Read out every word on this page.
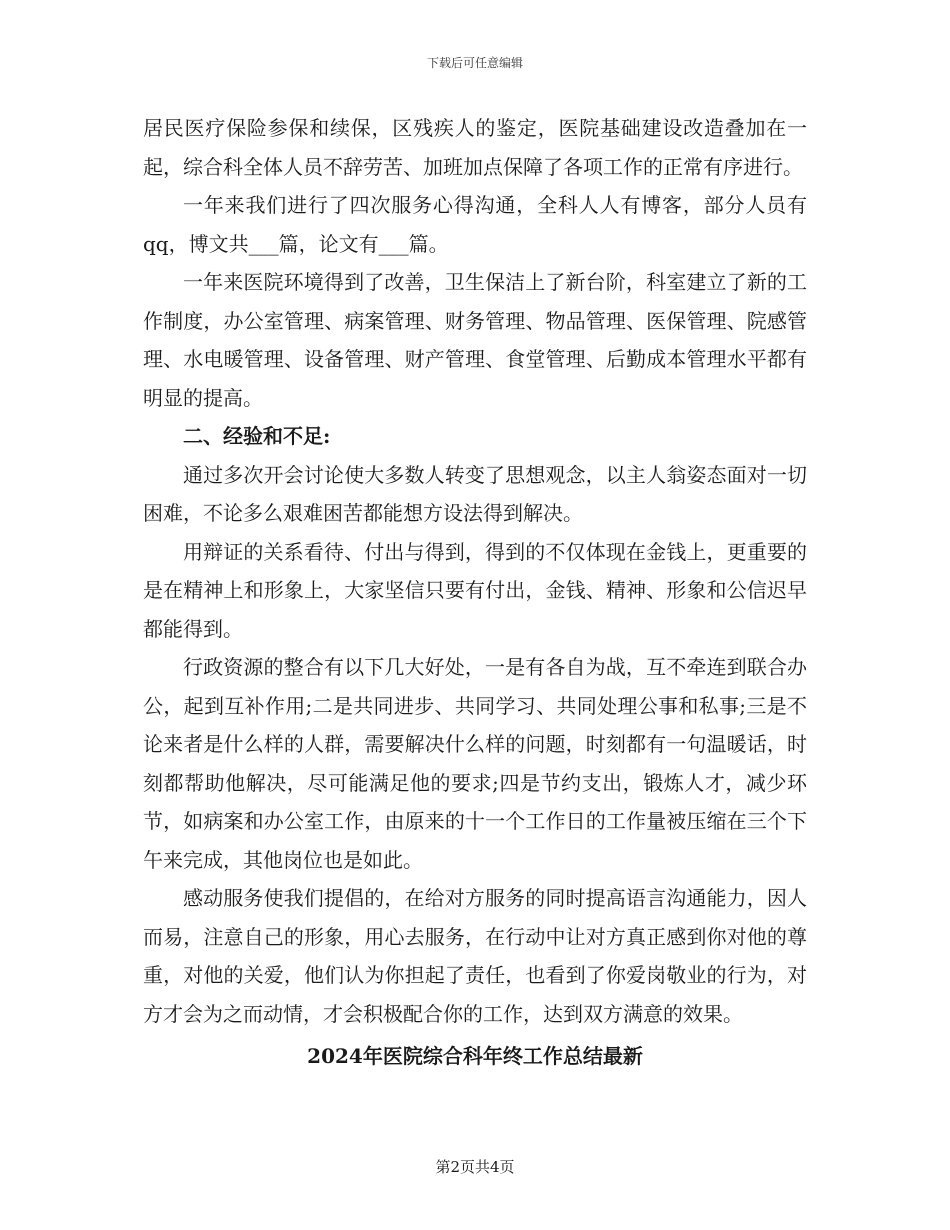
下载后可任意编辑

居民医疗保险参保和续保，区残疾人的鉴定，医院基础建设改造叠加在一起，综合科全体人员不辞劳苦、加班加点保障了各项工作的正常有序进行。

一年来我们进行了四次服务心得沟通，全科人人有博客，部分人员有qq，博文共___篇，论文有___篇。

一年来医院环境得到了改善，卫生保洁上了新台阶，科室建立了新的工作制度，办公室管理、病案管理、财务管理、物品管理、医保管理、院感管理、水电暖管理、设备管理、财产管理、食堂管理、后勤成本管理水平都有明显的提高。

二、经验和不足:

通过多次开会讨论使大多数人转变了思想观念，以主人翁姿态面对一切困难，不论多么艰难困苦都能想方设法得到解决。

用辩证的关系看待、付出与得到，得到的不仅体现在金钱上，更重要的是在精神上和形象上，大家坚信只要有付出，金钱、精神、形象和公信迟早都能得到。

行政资源的整合有以下几大好处，一是有各自为战，互不牵连到联合办公，起到互补作用;二是共同进步、共同学习、共同处理公事和私事;三是不论来者是什么样的人群，需要解决什么样的问题，时刻都有一句温暖话，时刻都帮助他解决，尽可能满足他的要求;四是节约支出，锻炼人才，减少环节，如病案和办公室工作，由原来的十一个工作日的工作量被压缩在三个下午来完成，其他岗位也是如此。

感动服务使我们提倡的，在给对方服务的同时提高语言沟通能力，因人而易，注意自己的形象，用心去服务，在行动中让对方真正感到你对他的尊重，对他的关爱，他们认为你担起了责任，也看到了你爱岗敬业的行为，对方才会为之而动情，才会积极配合你的工作，达到双方满意的效果。

2024年医院综合科年终工作总结最新
第2页共4页
